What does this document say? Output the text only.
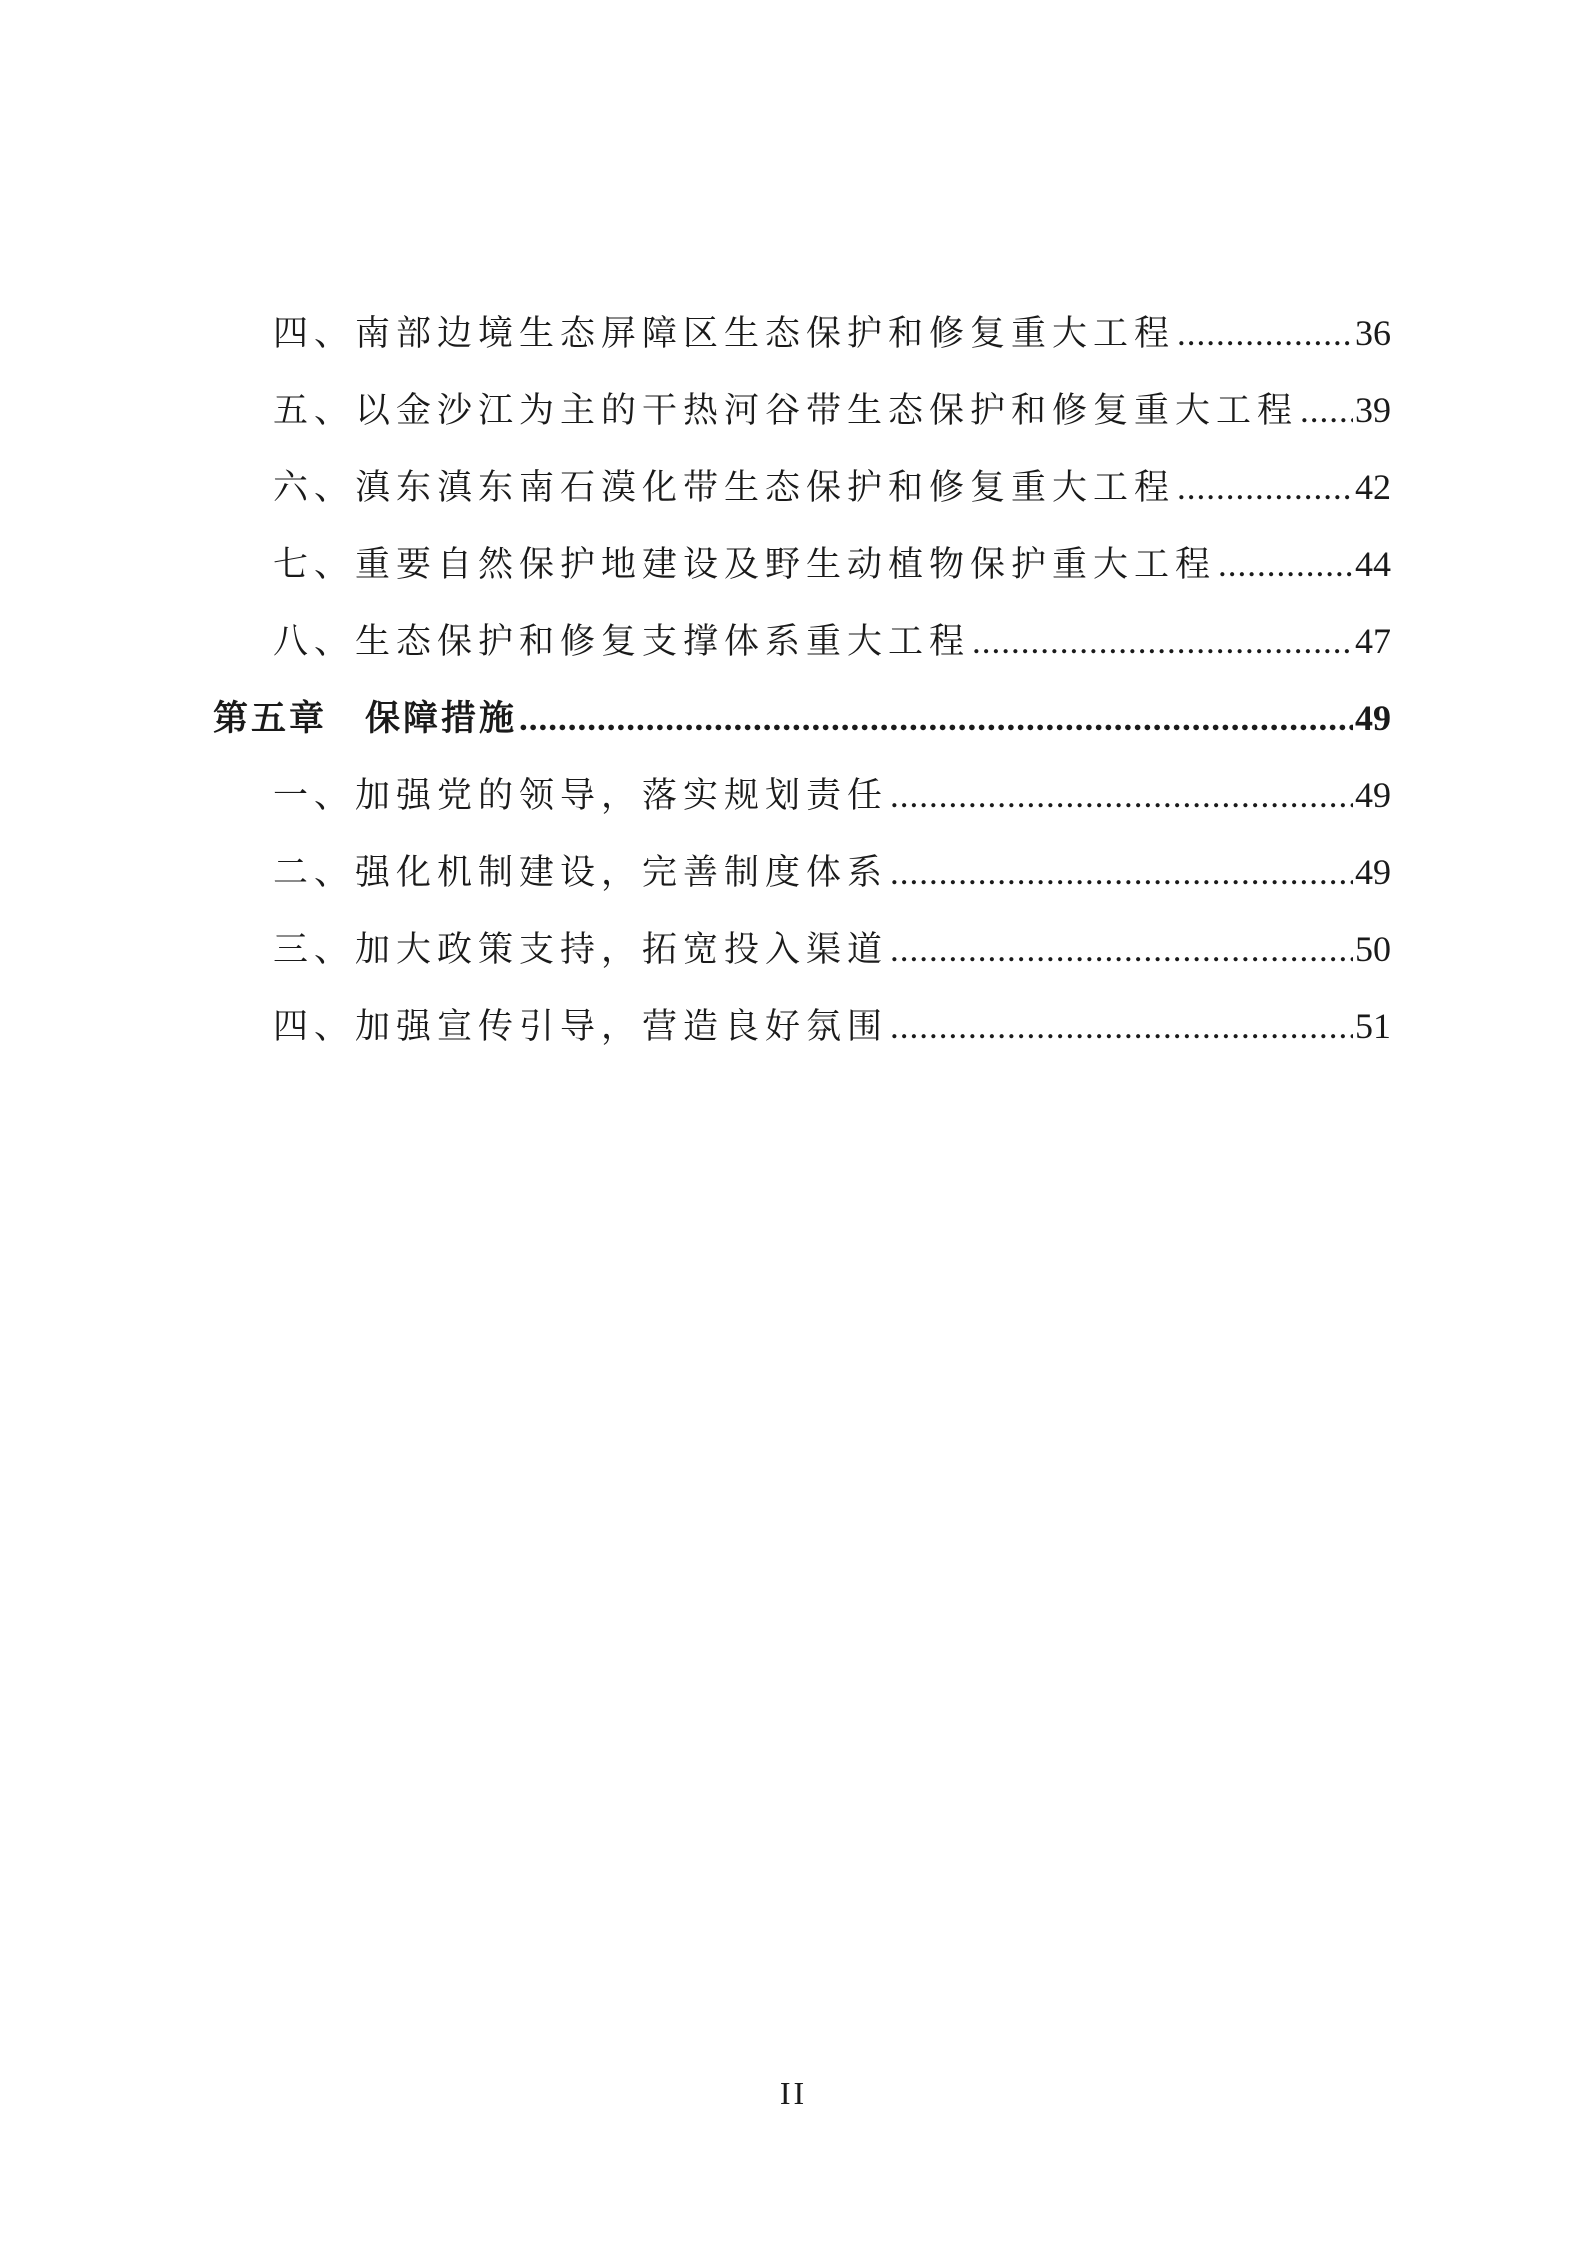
四、南部边境生态屏障区生态保护和修复重大工程 .....	36
五、以金沙江为主的干热河谷带生态保护和修复重大工程 ..... 39
六、滇东滇东南石漠化带生态保护和修复重大工程 .....	42
七、重要自然保护地建设及野生动植物保护重大工程 .....	44
八、生态保护和修复支撑体系重大工程 .....	47
第五章　保障措施 .....	49
一、加强党的领导，落实规划责任 .....	49
二、强化机制建设，完善制度体系 .....	49
三、加大政策支持，拓宽投入渠道 .....	50
四、加强宣传引导，营造良好氛围 .....	51
II
